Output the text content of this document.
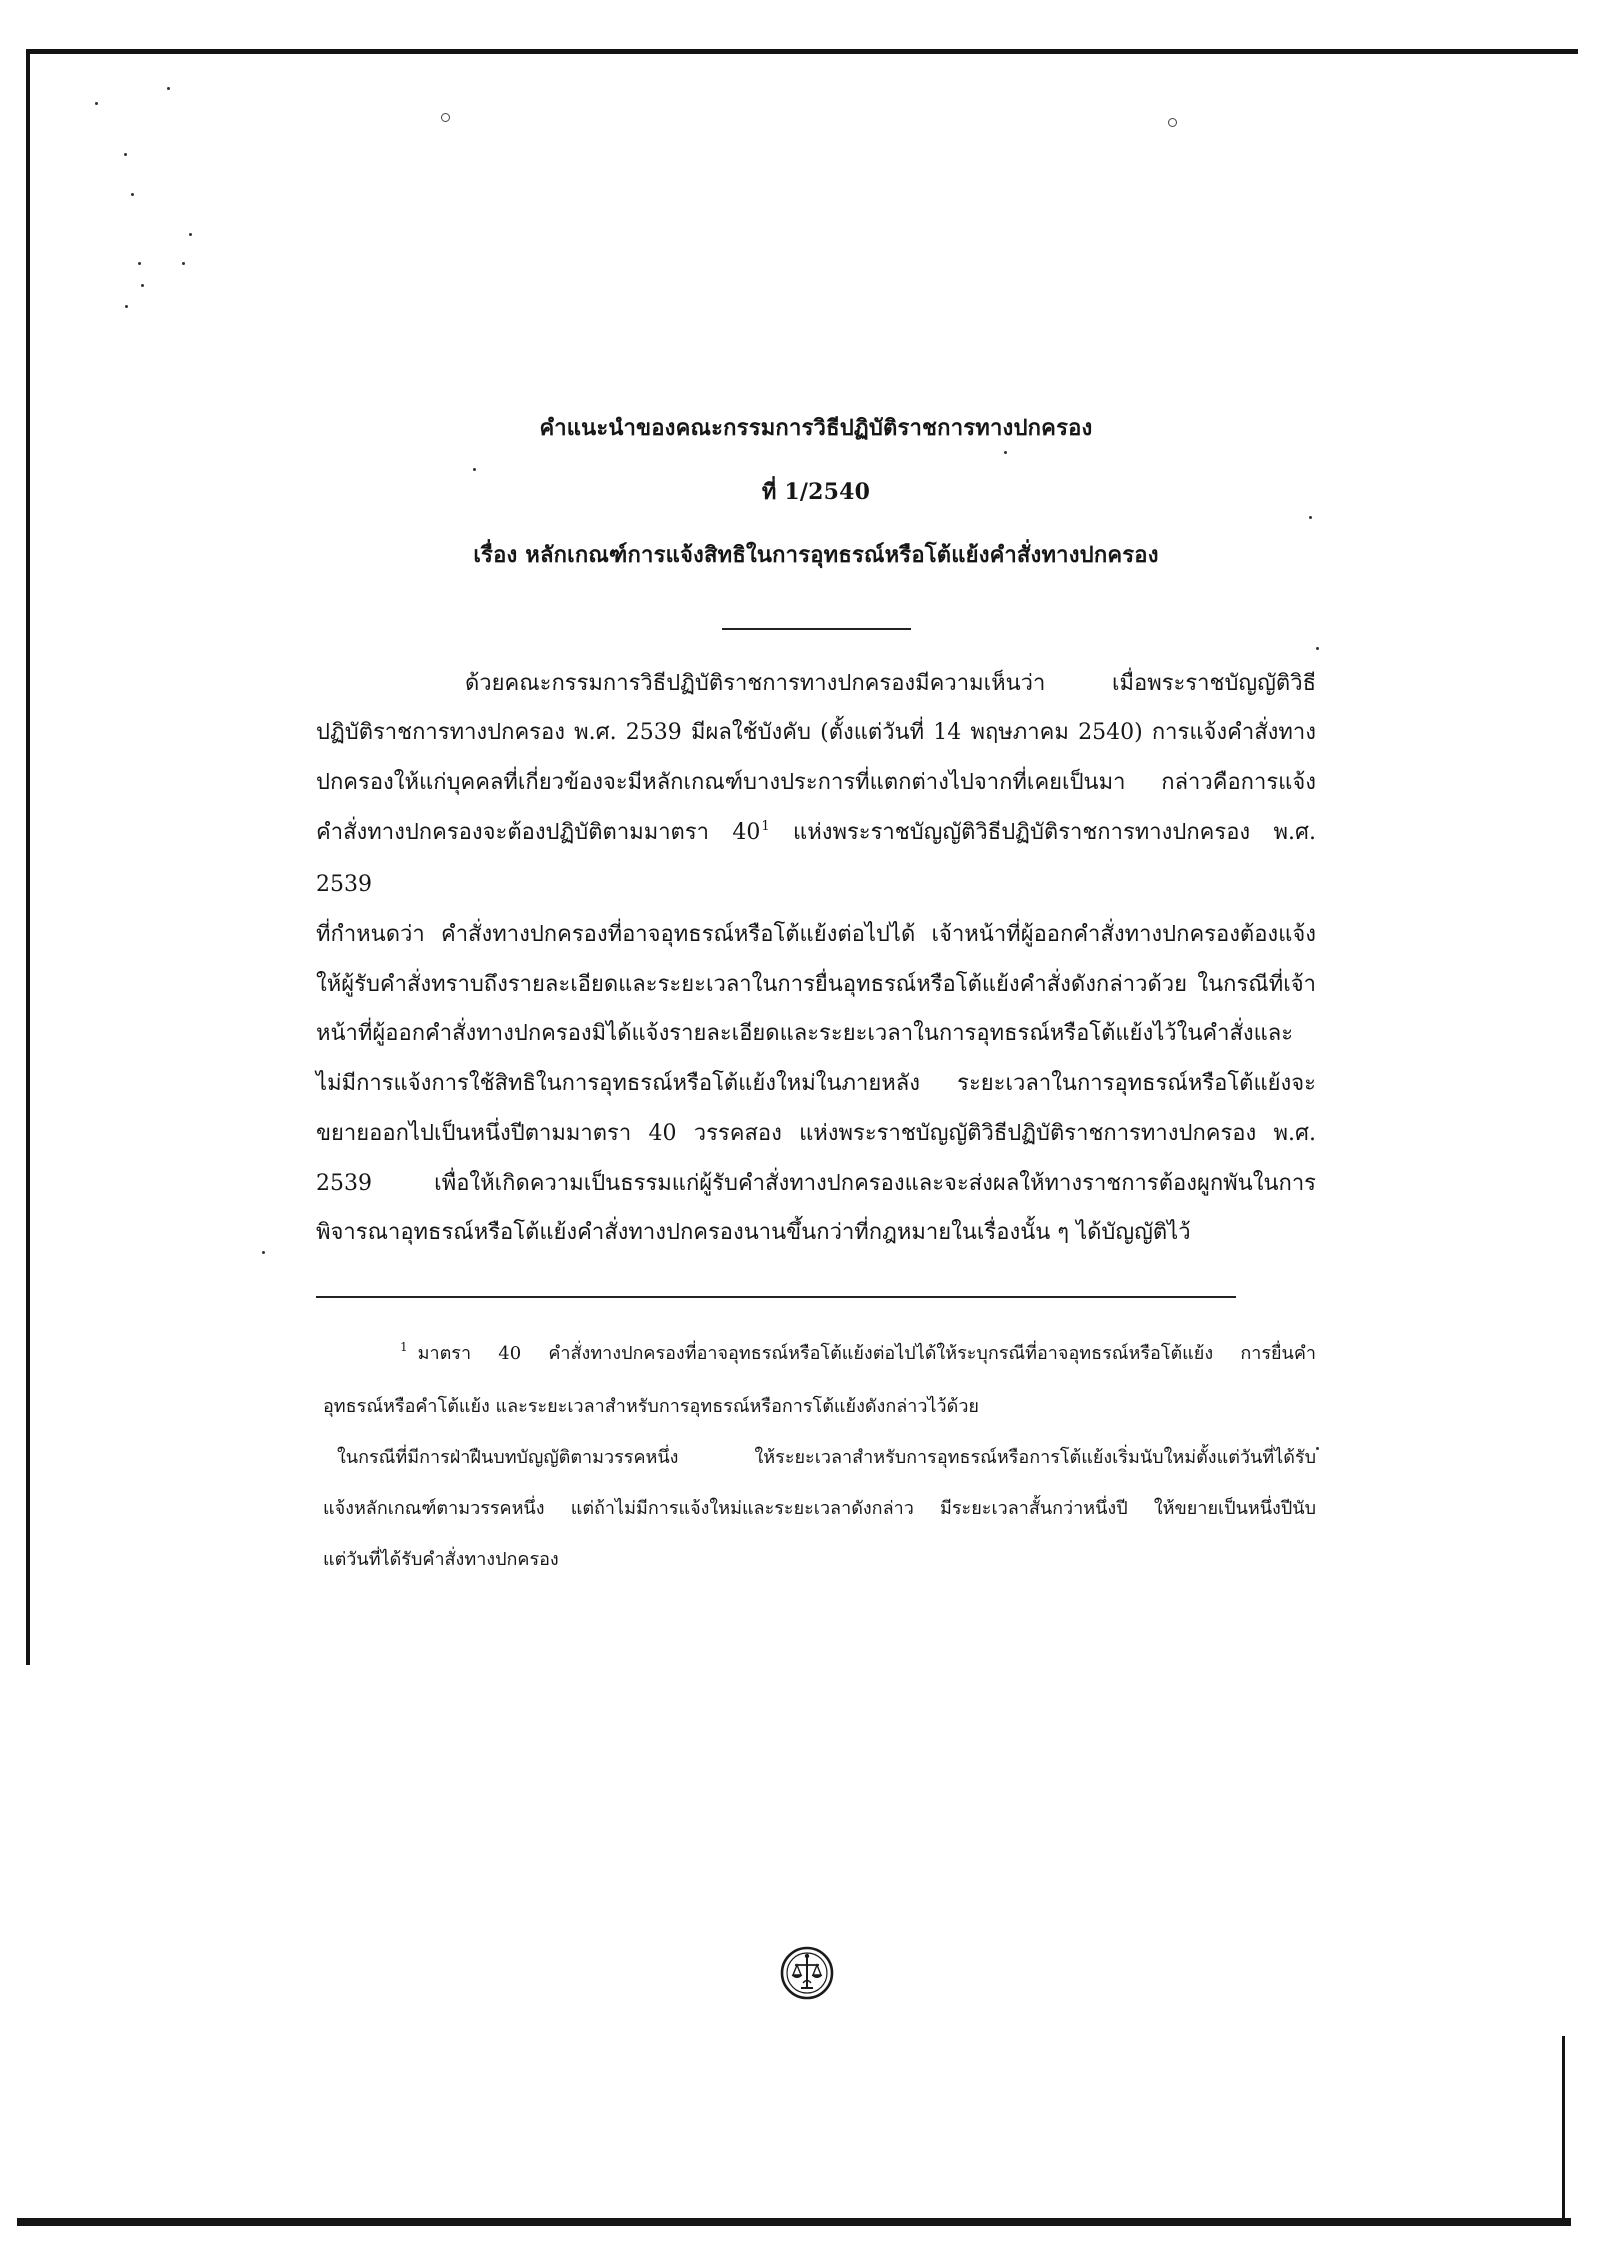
คำแนะนำของคณะกรรมการวิธีปฏิบัติราชการทางปกครอง
ที่ 1/2540
เรื่อง หลักเกณฑ์การแจ้งสิทธิในการอุทธรณ์หรือโต้แย้งคำสั่งทางปกครอง
ด้วยคณะกรรมการวิธีปฏิบัติราชการทางปกครองมีความเห็นว่า เมื่อพระราชบัญญัติวิธี
ปฏิบัติราชการทางปกครอง พ.ศ. 2539 มีผลใช้บังคับ (ตั้งแต่วันที่ 14 พฤษภาคม 2540) การแจ้งคำสั่งทาง
ปกครองให้แก่บุคคลที่เกี่ยวข้องจะมีหลักเกณฑ์บางประการที่แตกต่างไปจากที่เคยเป็นมา กล่าวคือการแจ้ง
คำสั่งทางปกครองจะต้องปฏิบัติตามมาตรา 40$^1$ แห่งพระราชบัญญัติวิธีปฏิบัติราชการทางปกครอง พ.ศ. 2539
ที่กำหนดว่า คำสั่งทางปกครองที่อาจอุทธรณ์หรือโต้แย้งต่อไปได้ เจ้าหน้าที่ผู้ออกคำสั่งทางปกครองต้องแจ้ง
ให้ผู้รับคำสั่งทราบถึงรายละเอียดและระยะเวลาในการยื่นอุทธรณ์หรือโต้แย้งคำสั่งดังกล่าวด้วย ในกรณีที่เจ้า
หน้าที่ผู้ออกคำสั่งทางปกครองมิได้แจ้งรายละเอียดและระยะเวลาในการอุทธรณ์หรือโต้แย้งไว้ในคำสั่งและ
ไม่มีการแจ้งการใช้สิทธิในการอุทธรณ์หรือโต้แย้งใหม่ในภายหลัง ระยะเวลาในการอุทธรณ์หรือโต้แย้งจะ
ขยายออกไปเป็นหนึ่งปีตามมาตรา 40 วรรคสอง แห่งพระราชบัญญัติวิธีปฏิบัติราชการทางปกครอง พ.ศ.
2539 เพื่อให้เกิดความเป็นธรรมแก่ผู้รับคำสั่งทางปกครองและจะส่งผลให้ทางราชการต้องผูกพันในการ
พิจารณาอุทธรณ์หรือโต้แย้งคำสั่งทางปกครองนานขึ้นกว่าที่กฎหมายในเรื่องนั้น ๆ ได้บัญญัติไว้
$^1$ มาตรา 40 คำสั่งทางปกครองที่อาจอุทธรณ์หรือโต้แย้งต่อไปได้ให้ระบุกรณีที่อาจอุทธรณ์หรือโต้แย้ง การยื่นคำ
อุทธรณ์หรือคำโต้แย้ง และระยะเวลาสำหรับการอุทธรณ์หรือการโต้แย้งดังกล่าวไว้ด้วย
ในกรณีที่มีการฝ่าฝืนบทบัญญัติตามวรรคหนึ่ง ให้ระยะเวลาสำหรับการอุทธรณ์หรือการโต้แย้งเริ่มนับใหม่ตั้งแต่วันที่ได้รับ
แจ้งหลักเกณฑ์ตามวรรคหนึ่ง แต่ถ้าไม่มีการแจ้งใหม่และระยะเวลาดังกล่าว มีระยะเวลาสั้นกว่าหนึ่งปี ให้ขยายเป็นหนึ่งปีนับ
แต่วันที่ได้รับคำสั่งทางปกครอง
